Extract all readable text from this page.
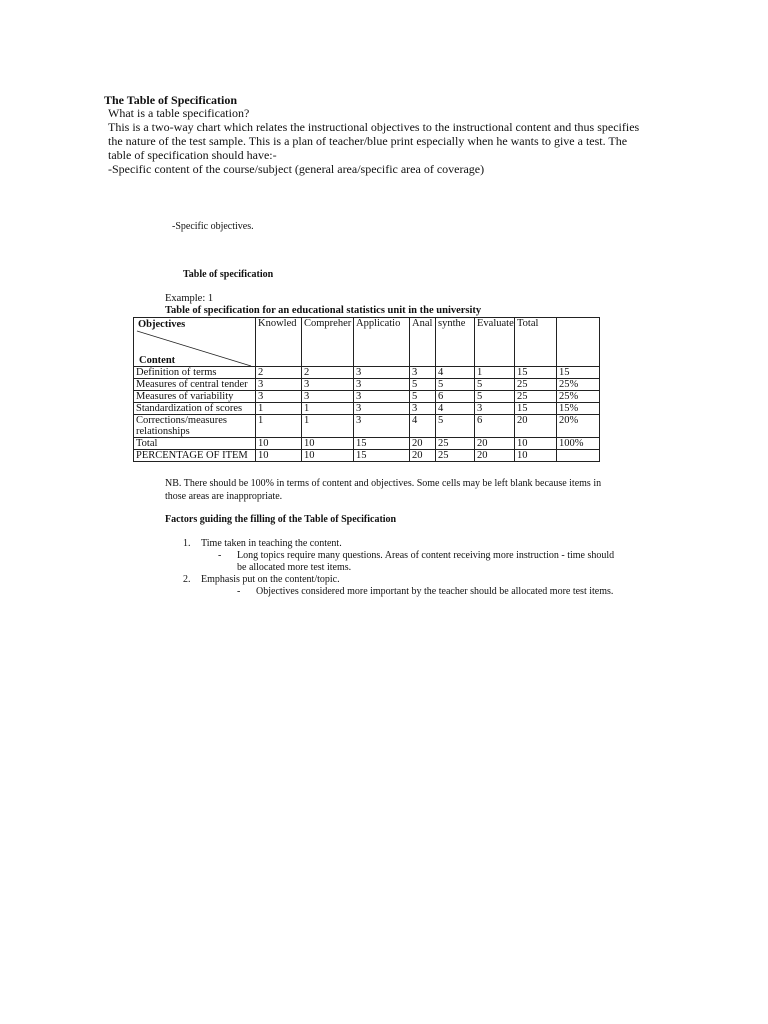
The Table of Specification

What is a table specification?

This is a two-way chart which relates the instructional objectives to the instructional content and thus specifies

the nature of the test sample. This is a plan of teacher/blue print especially when he wants to give a test. The

table of specification should have:-

-Specific content of the course/subject (general area/specific area of coverage)

-Specific objectives.
Table of specification
Example: 1
Table of specification for an educational statistics unit in the university
Objectives
Content	Knowled	Compreher	Applicatio	Anal	synthe	Evaluate	Total	
Definition of terms	2	2	3	3	4	1	15	15
Measures of central tender	3	3	3	5	5	5	25	25%
Measures of variability	3	3	3	5	6	5	25	25%
Standardization of scores	1	1	3	3	4	3	15	15%
Corrections/measures relationships	1	1	3	4	5	6	20	20%
Total	10	10	15	20	25	20	10	100%
PERCENTAGE OF ITEM	10	10	15	20	25	20	10	
NB. There should be 100% in terms of content and objectives. Some cells may be left blank because items in
those areas are inappropriate.
Factors guiding the filling of the Table of Specification
1. Time taken in teaching the content.
- Long topics require many questions. Areas of content receiving more instruction - time should
be allocated more test items.
2. Emphasis put on the content/topic.
- Objectives considered more important by the teacher should be allocated more test items.
